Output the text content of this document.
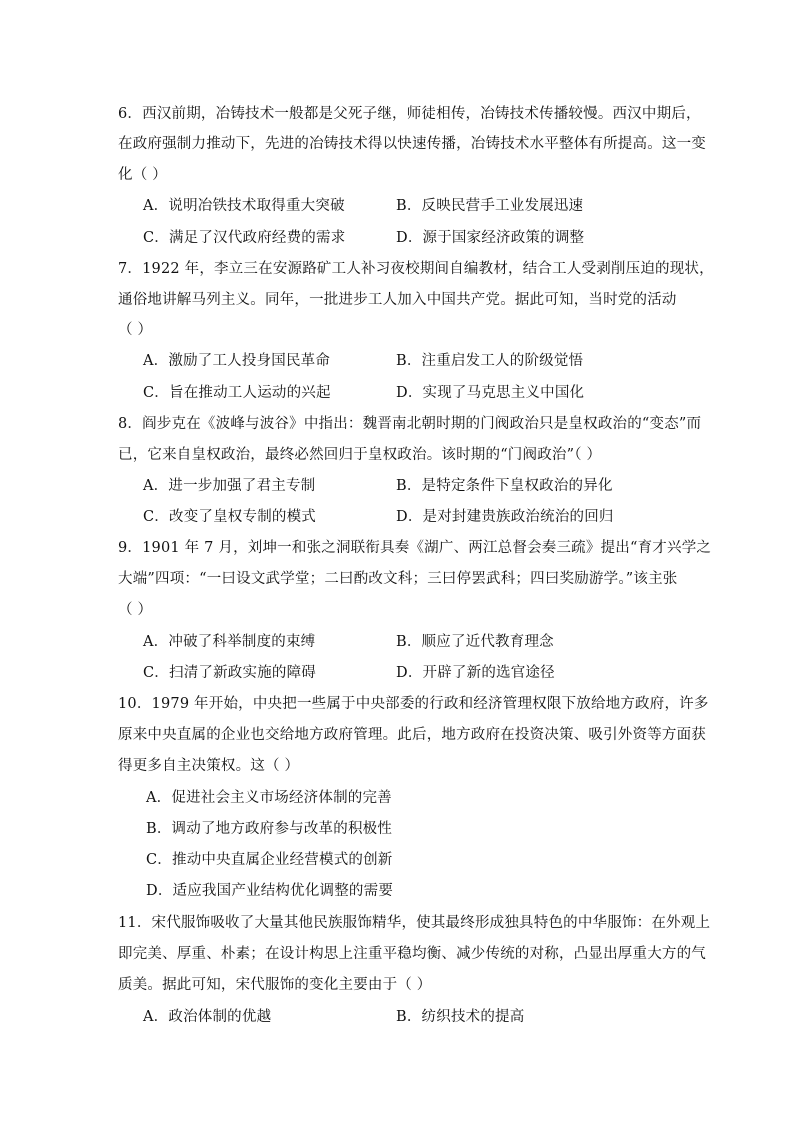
6．西汉前期，冶铸技术一般都是父死子继，师徒相传，冶铸技术传播较慢。西汉中期后，
在政府强制力推动下，先进的冶铸技术得以快速传播，冶铸技术水平整体有所提高。这一变
化（ ）
A．说明冶铁技术取得重大突破	B．反映民营手工业发展迅速
C．满足了汉代政府经费的需求	D．源于国家经济政策的调整
7．1922 年，李立三在安源路矿工人补习夜校期间自编教材，结合工人受剥削压迫的现状，
通俗地讲解马列主义。同年，一批进步工人加入中国共产党。据此可知，当时党的活动
（ ）
A．激励了工人投身国民革命	B．注重启发工人的阶级觉悟
C．旨在推动工人运动的兴起	D．实现了马克思主义中国化
8．阎步克在《波峰与波谷》中指出：魏晋南北朝时期的门阀政治只是皇权政治的“变态”而
已，它来自皇权政治，最终必然回归于皇权政治。该时期的“门阀政治”（ ）
A．进一步加强了君主专制	B．是特定条件下皇权政治的异化
C．改变了皇权专制的模式	D．是对封建贵族政治统治的回归
9．1901 年 7 月，刘坤一和张之洞联衔具奏《湖广、两江总督会奏三疏》提出“育才兴学之
大端”四项：“一曰设文武学堂；二曰酌改文科；三曰停罢武科；四曰奖励游学。”该主张
（ ）
A．冲破了科举制度的束缚	B．顺应了近代教育理念
C．扫清了新政实施的障碍	D．开辟了新的选官途径
10．1979 年开始，中央把一些属于中央部委的行政和经济管理权限下放给地方政府，许多
原来中央直属的企业也交给地方政府管理。此后，地方政府在投资决策、吸引外资等方面获
得更多自主决策权。这（ ）
A．促进社会主义市场经济体制的完善
B．调动了地方政府参与改革的积极性
C．推动中央直属企业经营模式的创新
D．适应我国产业结构优化调整的需要
11．宋代服饰吸收了大量其他民族服饰精华，使其最终形成独具特色的中华服饰：在外观上
即完美、厚重、朴素；在设计构思上注重平稳均衡、减少传统的对称，凸显出厚重大方的气
质美。据此可知，宋代服饰的变化主要由于（ ）
A．政治体制的优越	B．纺织技术的提高
